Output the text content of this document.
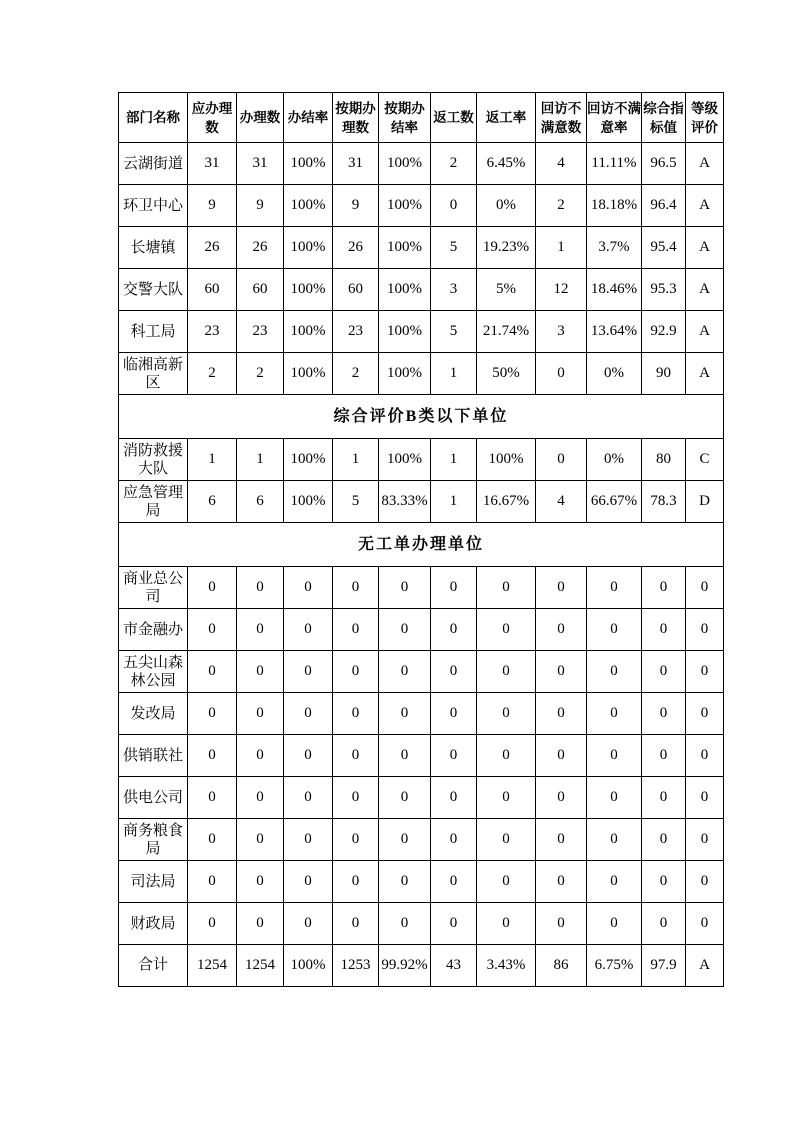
部门名称	应办理数	办理数	办结率	按期办理数	按期办结率	返工数	返工率	回访不满意数	回访不满意率	综合指标值	等级评价
云湖街道	31	31	100%	31	100%	2	6.45%	4	11.11%	96.5	A
环卫中心	9	9	100%	9	100%	0	0%	2	18.18%	96.4	A
长塘镇	26	26	100%	26	100%	5	19.23%	1	3.7%	95.4	A
交警大队	60	60	100%	60	100%	3	5%	12	18.46%	95.3	A
科工局	23	23	100%	23	100%	5	21.74%	3	13.64%	92.9	A
临湘高新区	2	2	100%	2	100%	1	50%	0	0%	90	A
综合评价B类以下单位											
消防救援大队	1	1	100%	1	100%	1	100%	0	0%	80	C
应急管理局	6	6	100%	5	83.33%	1	16.67%	4	66.67%	78.3	D
无工单办理单位											
商业总公司	0	0	0	0	0	0	0	0	0	0	0
市金融办	0	0	0	0	0	0	0	0	0	0	0
五尖山森林公园	0	0	0	0	0	0	0	0	0	0	0
发改局	0	0	0	0	0	0	0	0	0	0	0
供销联社	0	0	0	0	0	0	0	0	0	0	0
供电公司	0	0	0	0	0	0	0	0	0	0	0
商务粮食局	0	0	0	0	0	0	0	0	0	0	0
司法局	0	0	0	0	0	0	0	0	0	0	0
财政局	0	0	0	0	0	0	0	0	0	0	0
合计	1254	1254	100%	1253	99.92%	43	3.43%	86	6.75%	97.9	A
